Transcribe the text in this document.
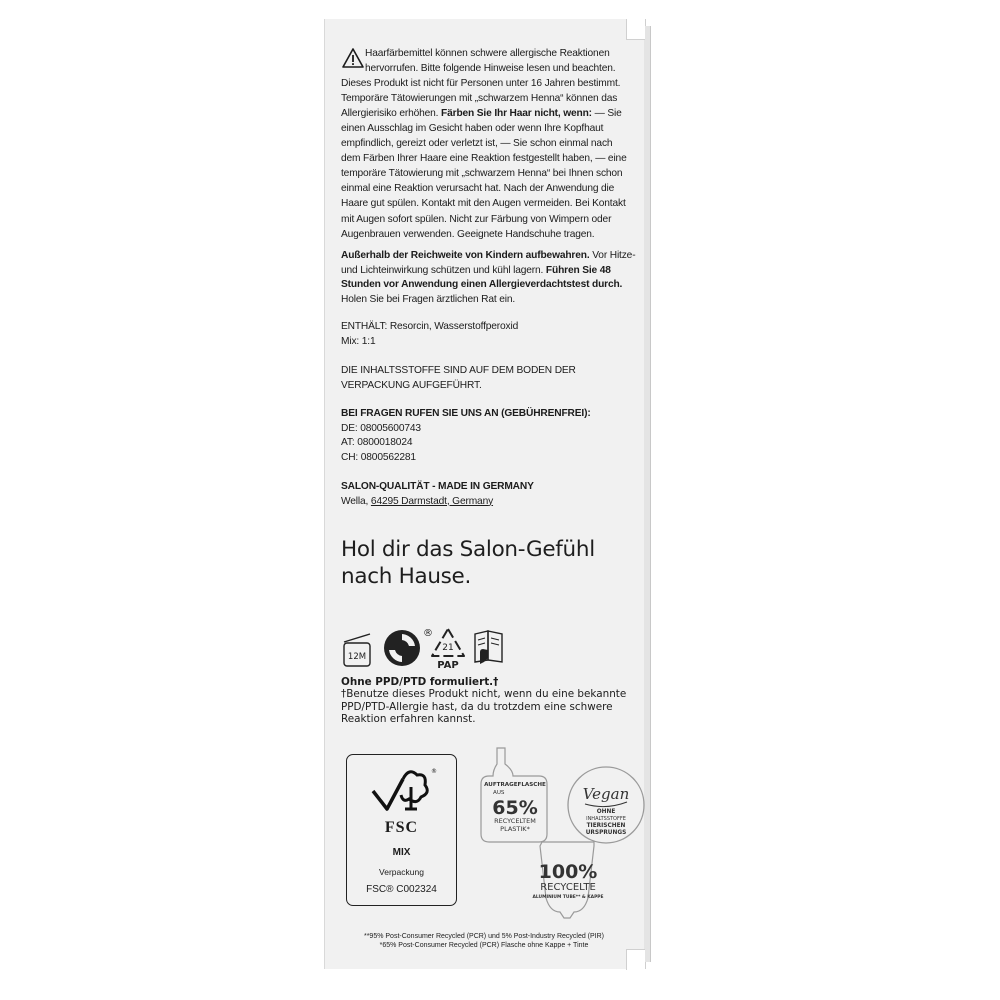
Haarfärbemittel können schwere allergische Reaktionen
hervorrufen. Bitte folgende Hinweise lesen und beachten.
Dieses Produkt ist nicht für Personen unter 16 Jahren bestimmt. Temporäre Tätowierungen mit „schwarzem Henna“ können das Allergierisiko erhöhen. Färben Sie Ihr Haar nicht, wenn: — Sie einen Ausschlag im Gesicht haben oder wenn Ihre Kopfhaut empfindlich, gereizt oder verletzt ist, — Sie schon einmal nach dem Färben Ihrer Haare eine Reaktion festgestellt haben, — eine temporäre Tätowierung mit „schwarzem Henna“ bei Ihnen schon einmal eine Reaktion verursacht hat. Nach der Anwendung die Haare gut spülen. Kontakt mit den Augen vermeiden. Bei Kontakt mit Augen sofort spülen. Nicht zur Färbung von Wimpern oder Augenbrauen verwenden. Geeignete Handschuhe tragen.
Außerhalb der Reichweite von Kindern aufbewahren. Vor Hitze- und Lichteinwirkung schützen und kühl lagern. Führen Sie 48 Stunden vor Anwendung einen Allergieverdachtstest durch. Holen Sie bei Fragen ärztlichen Rat ein.
ENTHÄLT: Resorcin, Wasserstoffperoxid
Mix: 1:1
DIE INHALTSSTOFFE SIND AUF DEM BODEN DER VERPACKUNG AUFGEFÜHRT.
BEI FRAGEN RUFEN SIE UNS AN (GEBÜHRENFREI):
DE: 08005600743
AT: 0800018024
CH: 0800562281
SALON-QUALITÄT - MADE IN GERMANY
Wella, 64295 Darmstadt, Germany
Hol dir das Salon-Gefühl
nach Hause.
12M
®
21
PAP
Ohne PPD/PTD formuliert.†
†Benutze dieses Produkt nicht, wenn du eine bekannte PPD/PTD-Allergie hast, da du trotzdem eine schwere Reaktion erfahren kannst.
®
FSC
MIX
Verpackung
FSC® C002324
AUFTRAGEFLASCHE
AUS
65%
RECYCELTEM
PLASTIK*
Vegan
OHNE
INHALTSSTOFFE
TIERISCHEN
URSPRUNGS
100%
RECYCELTE
ALUMINIUM TUBE** & KAPPE
**95% Post-Consumer Recycled (PCR) und 5% Post-Industry Recycled (PIR)
*65% Post-Consumer Recycled (PCR) Flasche ohne Kappe + Tinte
